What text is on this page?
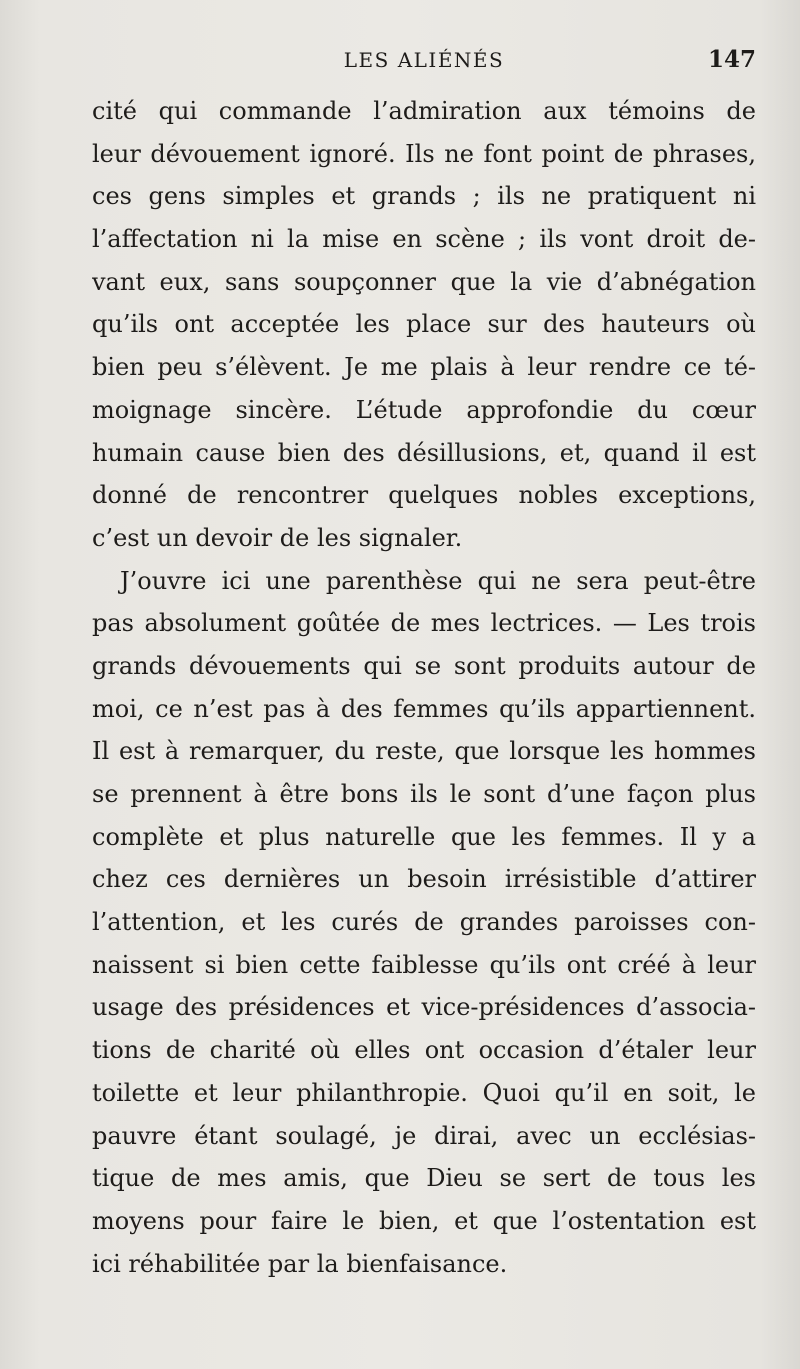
LES ALIÉNÉS	147
cité qui commande l’admiration aux témoins de
leur dévouement ignoré. Ils ne font point de phrases,
ces gens simples et grands ; ils ne pratiquent ni
l’affectation ni la mise en scène ; ils vont droit de-
vant eux, sans soupçonner que la vie d’abnégation
qu’ils ont acceptée les place sur des hauteurs où
bien peu s’élèvent. Je me plais à leur rendre ce té-
moignage sincère. L’étude approfondie du cœur
humain cause bien des désillusions, et, quand il est
donné de rencontrer quelques nobles exceptions,
c’est un devoir de les signaler.
J’ouvre ici une parenthèse qui ne sera peut-être
pas absolument goûtée de mes lectrices. — Les trois
grands dévouements qui se sont produits autour de
moi, ce n’est pas à des femmes qu’ils appartiennent.
Il est à remarquer, du reste, que lorsque les hommes
se prennent à être bons ils le sont d’une façon plus
complète et plus naturelle que les femmes. Il y a
chez ces dernières un besoin irrésistible d’attirer
l’attention, et les curés de grandes paroisses con-
naissent si bien cette faiblesse qu’ils ont créé à leur
usage des présidences et vice-présidences d’associa-
tions de charité où elles ont occasion d’étaler leur
toilette et leur philanthropie. Quoi qu’il en soit, le
pauvre étant soulagé, je dirai, avec un ecclésias-
tique de mes amis, que Dieu se sert de tous les
moyens pour faire le bien, et que l’ostentation est
ici réhabilitée par la bienfaisance.
